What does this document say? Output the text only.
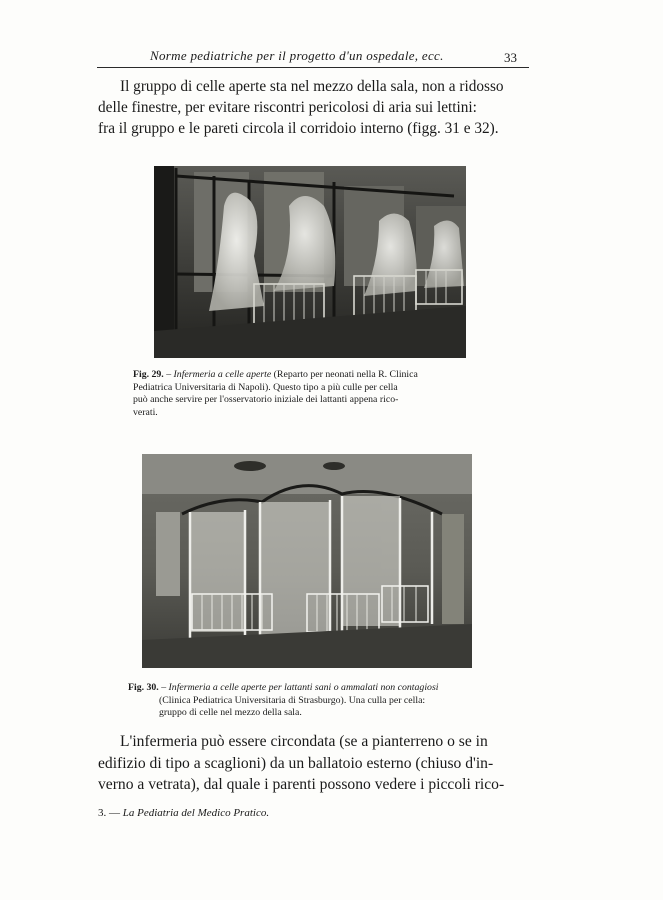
Norme pediatriche per il progetto d'un ospedale, ecc.	33
Il gruppo di celle aperte sta nel mezzo della sala, non a ridosso
delle finestre, per evitare riscontri pericolosi di aria sui lettini:
fra il gruppo e le pareti circola il corridoio interno (figg. 31 e 32).
Fig. 29. – Infermeria a celle aperte (Reparto per neonati nella R. Clinica
Pediatrica Universitaria di Napoli). Questo tipo a più culle per cella
può anche servire per l'osservatorio iniziale dei lattanti appena rico-
verati.
Fig. 30. – Infermeria a celle aperte per lattanti sani o ammalati non contagiosi
(Clinica Pediatrica Universitaria di Strasburgo). Una culla per cella:
gruppo di celle nel mezzo della sala.
L'infermeria può essere circondata (se a pianterreno o se in
edifizio di tipo a scaglioni) da un ballatoio esterno (chiuso d'in-
verno a vetrata), dal quale i parenti possono vedere i piccoli rico-
3. — La Pediatria del Medico Pratico.
